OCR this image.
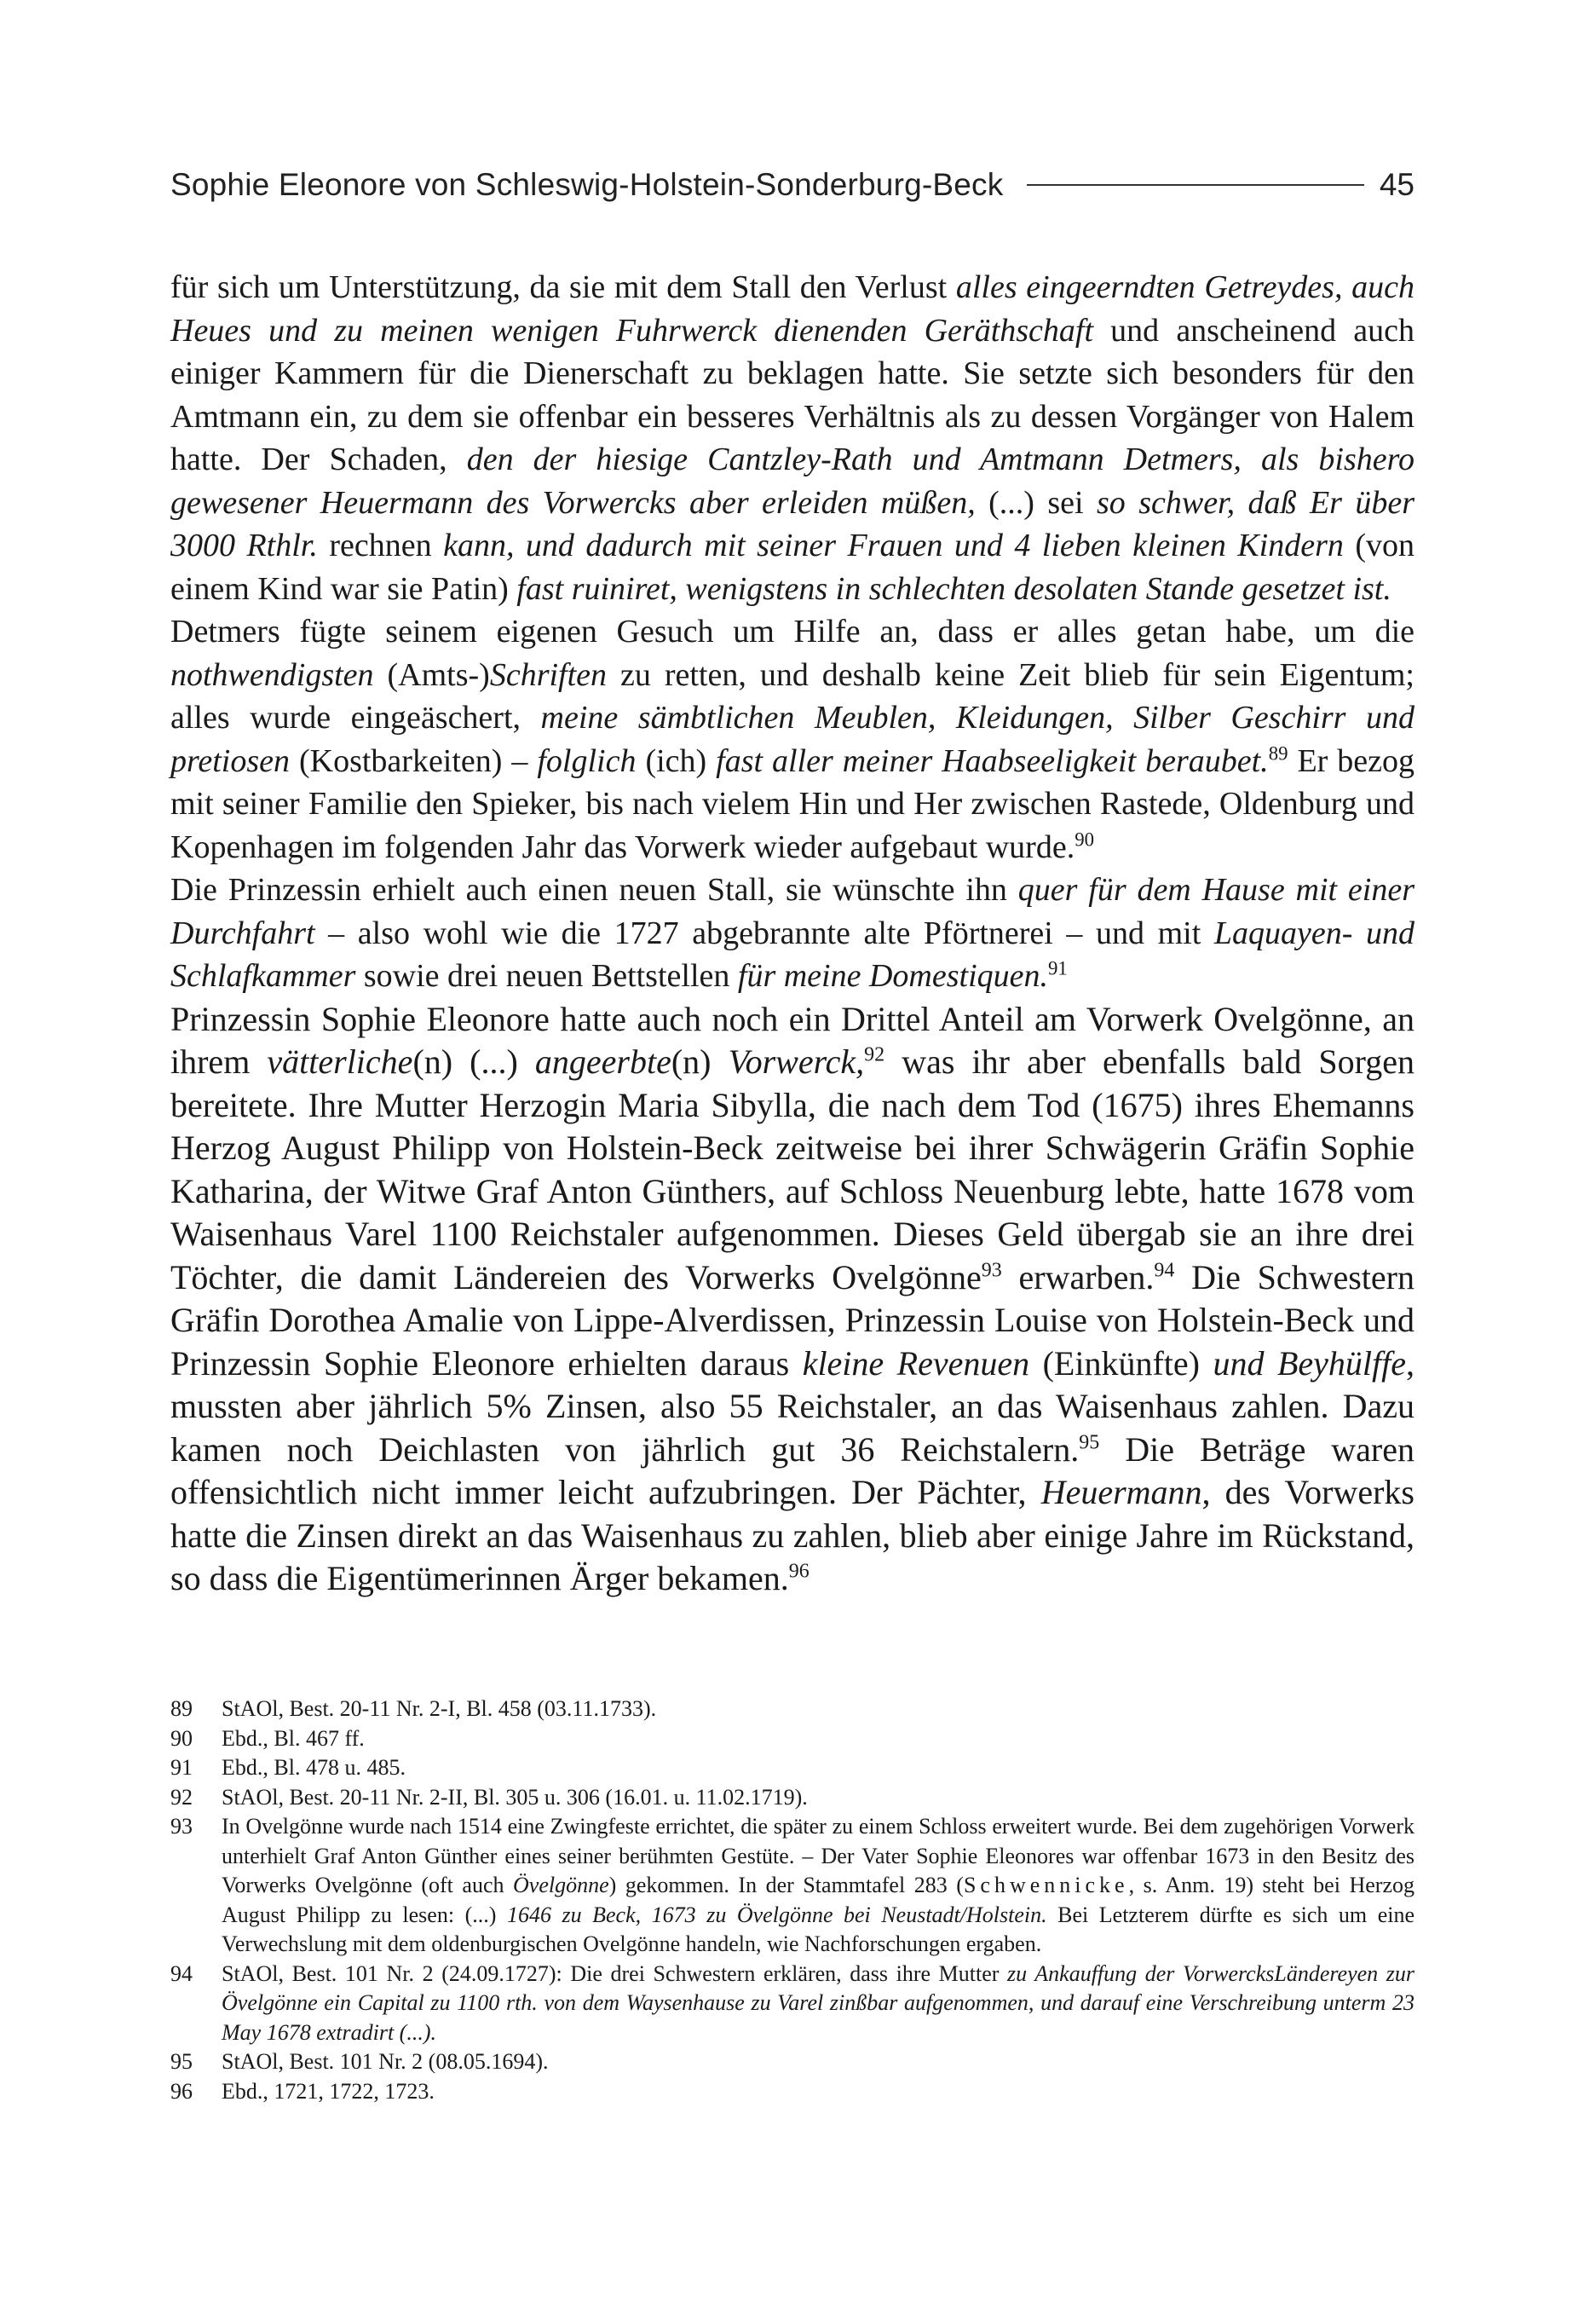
Sophie Eleonore von Schleswig-Holstein-Sonderburg-Beck	45

für sich um Unterstützung, da sie mit dem Stall den Verlust alles eingeerndten Getreydes, auch Heues und zu meinen wenigen Fuhrwerck dienenden Geräthschaft und anscheinend auch einiger Kammern für die Dienerschaft zu beklagen hatte. Sie setzte sich besonders für den Amtmann ein, zu dem sie offenbar ein besseres Verhältnis als zu dessen Vorgänger von Halem hatte. Der Schaden, den der hiesige Cantzley-Rath und Amtmann Detmers, als bishero gewesener Heuermann des Vorwercks aber erleiden müßen, (...) sei so schwer, daß Er über 3000 Rthlr. rechnen kann, und dadurch mit seiner Frauen und 4 lieben kleinen Kindern (von einem Kind war sie Patin) fast ruiniret, wenigstens in schlechten desolaten Stande gesetzet ist.

Detmers fügte seinem eigenen Gesuch um Hilfe an, dass er alles getan habe, um die nothwendigsten (Amts-)Schriften zu retten, und deshalb keine Zeit blieb für sein Eigentum; alles wurde eingeäschert, meine sämbtlichen Meublen, Kleidungen, Silber Geschirr und pretiosen (Kostbarkeiten) – folglich (ich) fast aller meiner Haabseeligkeit beraubet.$^{89}$ Er bezog mit seiner Familie den Spieker, bis nach vielem Hin und Her zwischen Rastede, Oldenburg und Kopenhagen im folgenden Jahr das Vorwerk wieder aufgebaut wurde.$^{90}$

Die Prinzessin erhielt auch einen neuen Stall, sie wünschte ihn quer für dem Hause mit einer Durchfahrt – also wohl wie die 1727 abgebrannte alte Pförtnerei – und mit Laquayen- und Schlafkammer sowie drei neuen Bettstellen für meine Domestiquen.$^{91}$

Prinzessin Sophie Eleonore hatte auch noch ein Drittel Anteil am Vorwerk Ovelgönne, an ihrem vätterliche(n) (...) angeerbte(n) Vorwerck,$^{92}$ was ihr aber ebenfalls bald Sorgen bereitete. Ihre Mutter Herzogin Maria Sibylla, die nach dem Tod (1675) ihres Ehemanns Herzog August Philipp von Holstein-Beck zeitweise bei ihrer Schwägerin Gräfin Sophie Katharina, der Witwe Graf Anton Günthers, auf Schloss Neuenburg lebte, hatte 1678 vom Waisenhaus Varel 1100 Reichstaler aufgenommen. Dieses Geld übergab sie an ihre drei Töchter, die damit Ländereien des Vorwerks Ovelgönne$^{93}$ erwarben.$^{94}$ Die Schwestern Gräfin Dorothea Amalie von Lippe-Alverdissen, Prinzessin Louise von Holstein-Beck und Prinzessin Sophie Eleonore erhielten daraus kleine Revenuen (Einkünfte) und Beyhülffe, mussten aber jährlich 5% Zinsen, also 55 Reichstaler, an das Waisenhaus zahlen. Dazu kamen noch Deichlasten von jährlich gut 36 Reichstalern.$^{95}$ Die Beträge waren offensichtlich nicht immer leicht aufzubringen. Der Pächter, Heuermann, des Vorwerks hatte die Zinsen direkt an das Waisenhaus zu zahlen, blieb aber einige Jahre im Rückstand, so dass die Eigentümerinnen Ärger bekamen.$^{96}$

89	StAOl, Best. 20-11 Nr. 2-I, Bl. 458 (03.11.1733).
90	Ebd., Bl. 467 ff.
91	Ebd., Bl. 478 u. 485.
92	StAOl, Best. 20-11 Nr. 2-II, Bl. 305 u. 306 (16.01. u. 11.02.1719).
93	In Ovelgönne wurde nach 1514 eine Zwingfeste errichtet, die später zu einem Schloss erweitert wurde. Bei dem zugehörigen Vorwerk unterhielt Graf Anton Günther eines seiner berühmten Gestüte. – Der Vater Sophie Eleonores war offenbar 1673 in den Besitz des Vorwerks Ovelgönne (oft auch Övelgönne) gekommen. In der Stammtafel 283 (Schwennicke, s. Anm. 19) steht bei Herzog August Philipp zu lesen: (...) 1646 zu Beck, 1673 zu Övelgönne bei Neustadt/Holstein. Bei Letzterem dürfte es sich um eine Verwechslung mit dem oldenburgischen Ovelgönne handeln, wie Nachforschungen ergaben.
94	StAOl, Best. 101 Nr. 2 (24.09.1727): Die drei Schwestern erklären, dass ihre Mutter zu Ankauffung der VorwercksLändereyen zur Övelgönne ein Capital zu 1100 rth. von dem Waysenhause zu Varel zinßbar aufgenommen, und darauf eine Verschreibung unterm 23 May 1678 extradirt (...).
95	StAOl, Best. 101 Nr. 2 (08.05.1694).
96	Ebd., 1721, 1722, 1723.
